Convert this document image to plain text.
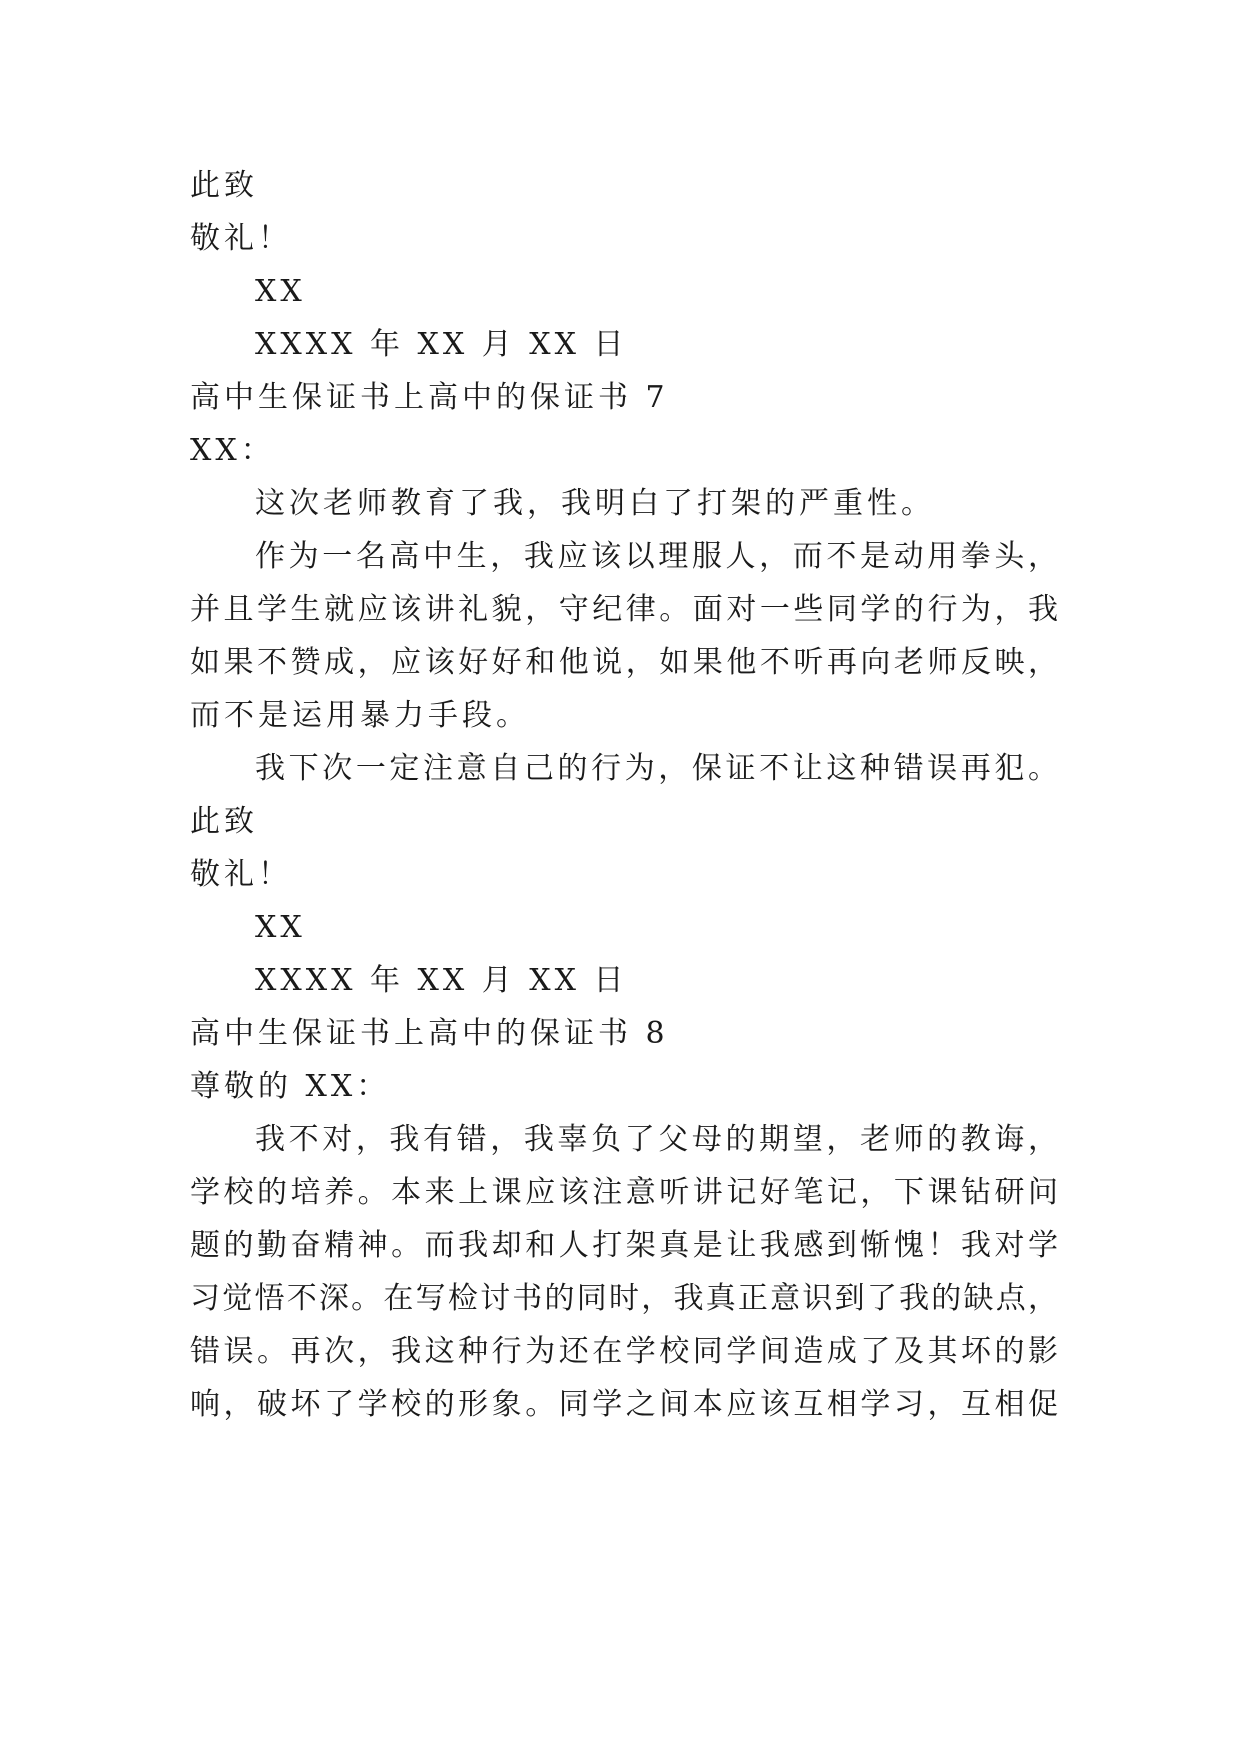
此致
敬礼！
XX
XXXX 年 XX 月 XX 日
高中生保证书上高中的保证书 7
XX：
这次老师教育了我，我明白了打架的严重性。
作为一名高中生，我应该以理服人，而不是动用拳头，
并且学生就应该讲礼貌，守纪律。面对一些同学的行为，我
如果不赞成，应该好好和他说，如果他不听再向老师反映，
而不是运用暴力手段。
我下次一定注意自己的行为，保证不让这种错误再犯。
此致
敬礼！
XX
XXXX 年 XX 月 XX 日
高中生保证书上高中的保证书 8
尊敬的 XX：
我不对，我有错，我辜负了父母的期望，老师的教诲，
学校的培养。本来上课应该注意听讲记好笔记，下课钻研问
题的勤奋精神。而我却和人打架真是让我感到惭愧！我对学
习觉悟不深。在写检讨书的同时，我真正意识到了我的缺点，
错误。再次，我这种行为还在学校同学间造成了及其坏的影
响，破坏了学校的形象。同学之间本应该互相学习，互相促
